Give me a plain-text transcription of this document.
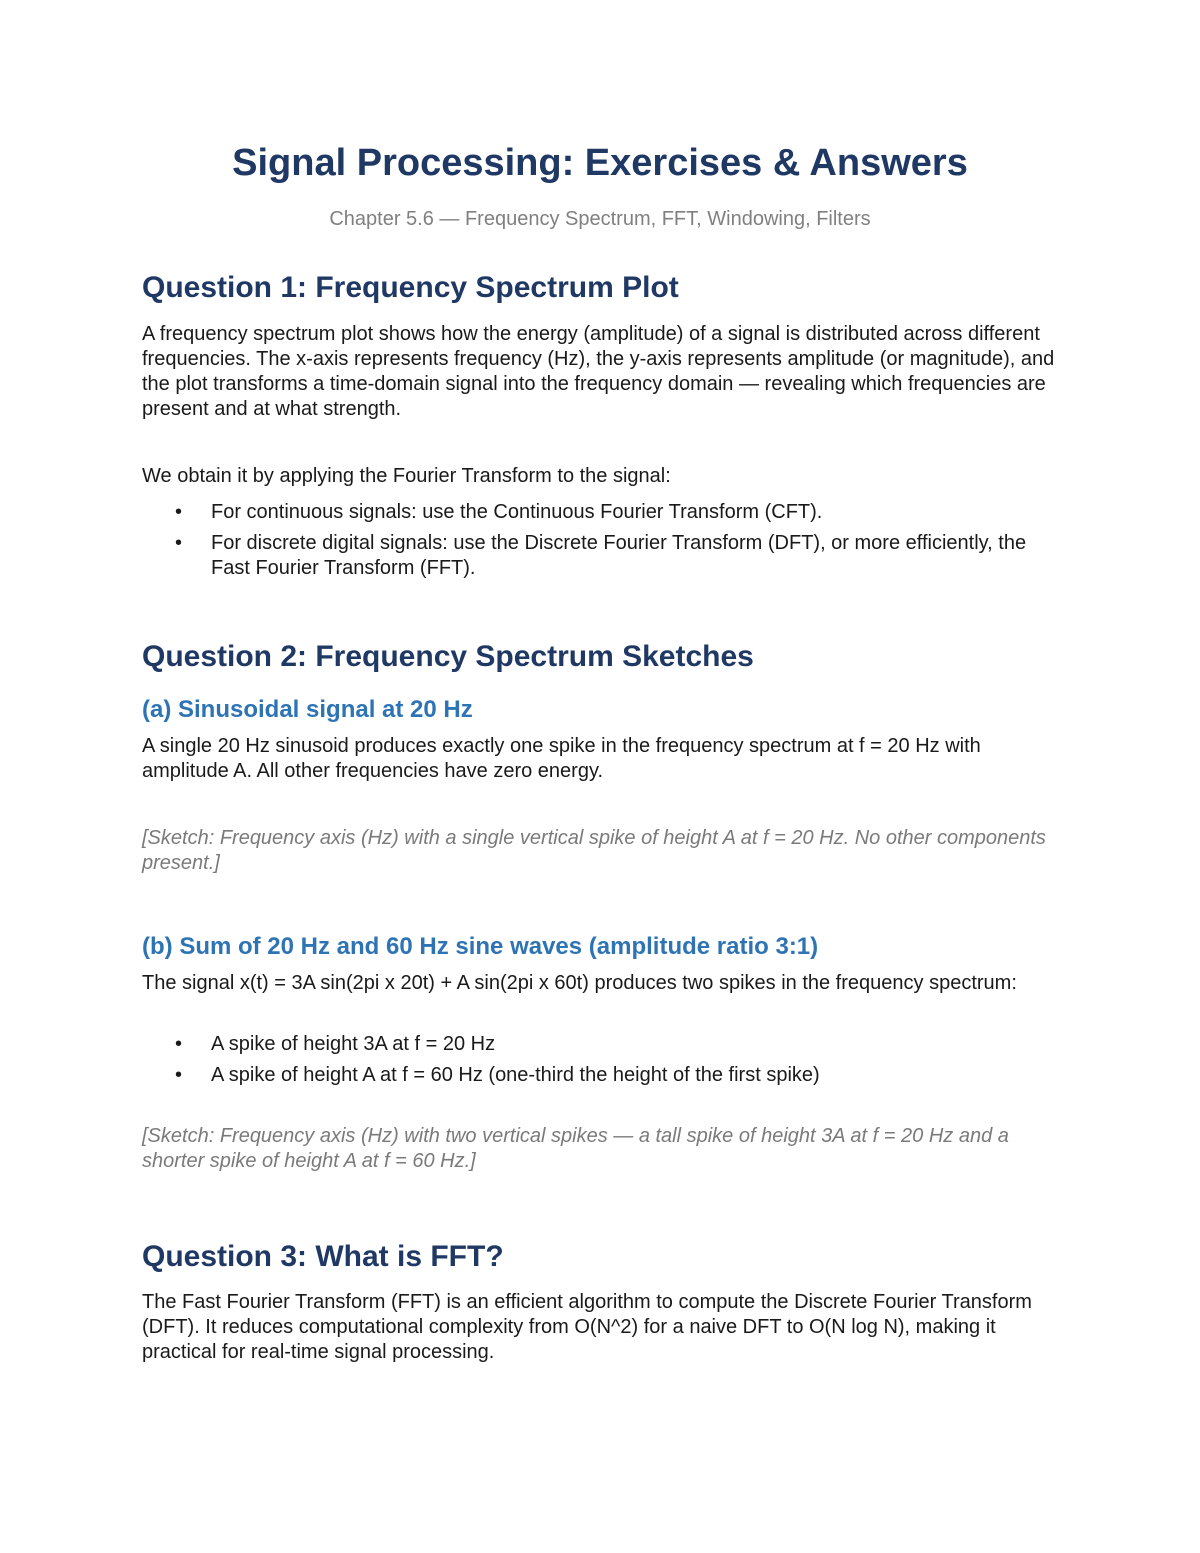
Signal Processing: Exercises & Answers

Chapter 5.6 — Frequency Spectrum, FFT, Windowing, Filters

Question 1: Frequency Spectrum Plot

A frequency spectrum plot shows how the energy (amplitude) of a signal is distributed across different frequencies. The x-axis represents frequency (Hz), the y-axis represents amplitude (or magnitude), and the plot transforms a time-domain signal into the frequency domain — revealing which frequencies are present and at what strength.

We obtain it by applying the Fourier Transform to the signal:

• For continuous signals: use the Continuous Fourier Transform (CFT).
• For discrete digital signals: use the Discrete Fourier Transform (DFT), or more efficiently, the Fast Fourier Transform (FFT).
Question 2: Frequency Spectrum Sketches
(a) Sinusoidal signal at 20 Hz

A single 20 Hz sinusoid produces exactly one spike in the frequency spectrum at f = 20 Hz with amplitude A. All other frequencies have zero energy.

[Sketch: Frequency axis (Hz) with a single vertical spike of height A at f = 20 Hz. No other components present.]

(b) Sum of 20 Hz and 60 Hz sine waves (amplitude ratio 3:1)

The signal x(t) = 3A sin(2pi x 20t) + A sin(2pi x 60t) produces two spikes in the frequency spectrum:

• A spike of height 3A at f = 20 Hz
• A spike of height A at f = 60 Hz (one-third the height of the first spike)

[Sketch: Frequency axis (Hz) with two vertical spikes — a tall spike of height 3A at f = 20 Hz and a shorter spike of height A at f = 60 Hz.]

Question 3: What is FFT?

The Fast Fourier Transform (FFT) is an efficient algorithm to compute the Discrete Fourier Transform (DFT). It reduces computational complexity from O(N^2) for a naive DFT to O(N log N), making it practical for real-time signal processing.
